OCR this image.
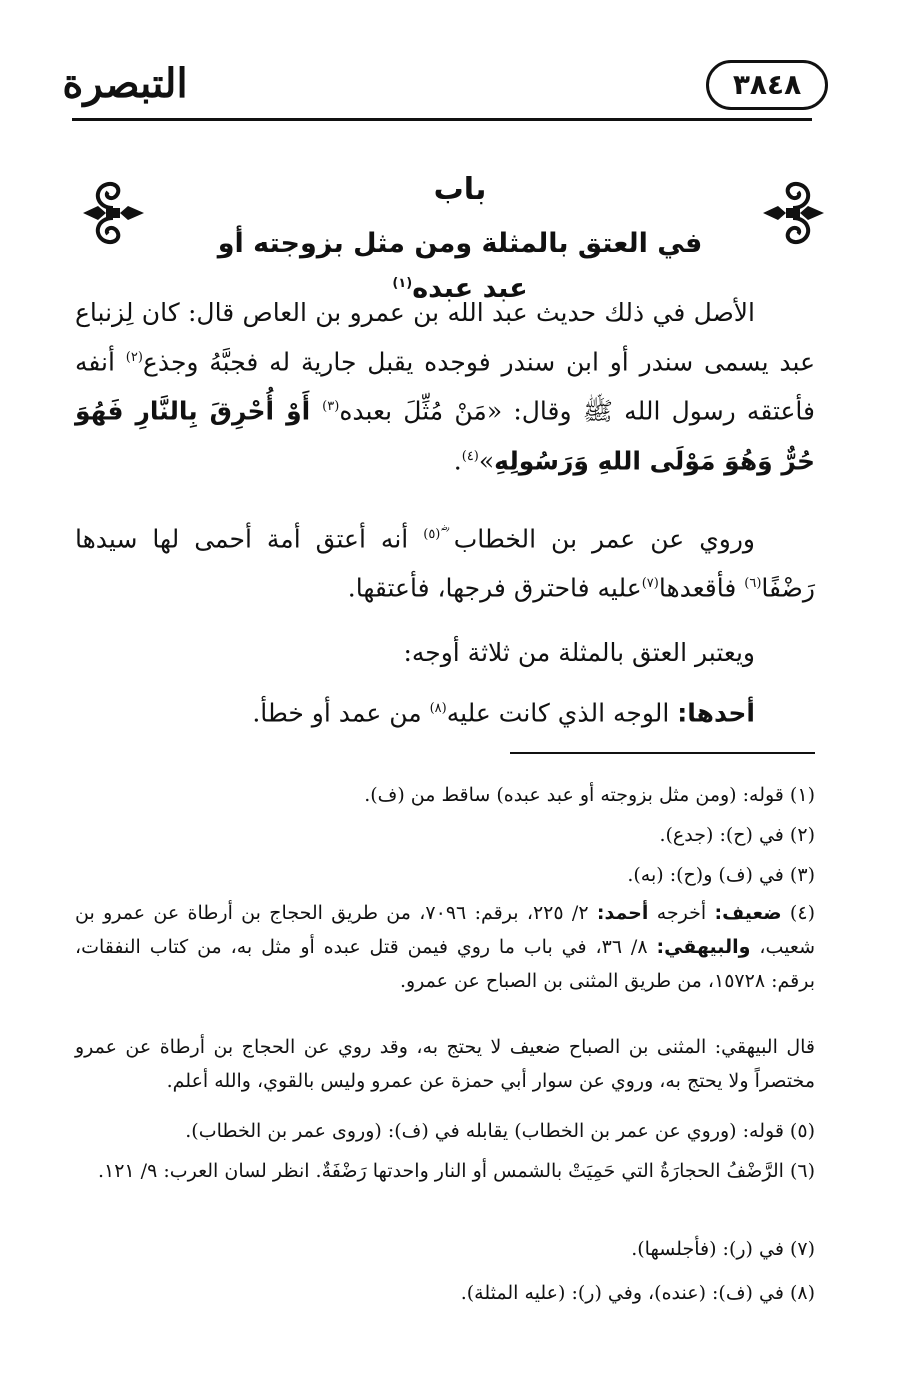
التبصرة	٣٨٤٨
باب
في العتق بالمثلة ومن مثل بزوجته أو عبد عبده$^{(١)}$
الأصل في ذلك حديث عبد الله بن عمرو بن العاص قال: كان لِزنباع عبد يسمى سندر أو ابن سندر فوجده يقبل جارية له فجبَّهُ وجذع$^{(٢)}$ أنفه فأعتقه رسول الله ﷺ وقال: «مَنْ مُثِّلَ بعبده$^{(٣)}$ أَوْ أُحْرِقَ بِالنَّارِ فَهُوَ حُرٌّ وَهُوَ مَوْلَى اللهِ وَرَسُولِهِ»$^{(٤)}$.
وروي عن عمر بن الخطاب ؓ$^{(٥)}$ أنه أعتق أمة أحمى لها سيدها رَضْفًا$^{(٦)}$ فأقعدها$^{(٧)}$عليه فاحترق فرجها، فأعتقها.
ويعتبر العتق بالمثلة من ثلاثة أوجه:
أحدها: الوجه الذي كانت عليه$^{(٨)}$ من عمد أو خطأ.
(١) قوله: (ومن مثل بزوجته أو عبد عبده) ساقط من (ف).
(٢) في (ح): (جدع).
(٣) في (ف) و(ح): (به).
(٤) ضعيف: أخرجه أحمد: ٢/ ٢٢٥، برقم: ٧٠٩٦، من طريق الحجاج بن أرطاة عن عمرو بن شعيب، والبيهقي: ٨/ ٣٦، في باب ما روي فيمن قتل عبده أو مثل به، من كتاب النفقات، برقم: ١٥٧٢٨، من طريق المثنى بن الصباح عن عمرو.
قال البيهقي: المثنى بن الصباح ضعيف لا يحتج به، وقد روي عن الحجاج بن أرطاة عن عمرو مختصراً ولا يحتج به، وروي عن سوار أبي حمزة عن عمرو وليس بالقوي، والله أعلم.
(٥) قوله: (وروي عن عمر بن الخطاب) يقابله في (ف): (وروى عمر بن الخطاب).
(٦) الرَّضْفُ الحجارَةُ التي حَمِيَتْ بالشمس أو النار واحدتها رَضْفَةٌ. انظر لسان العرب: ٩/ ١٢١.
(٧) في (ر): (فأجلسها).
(٨) في (ف): (عنده)، وفي (ر): (عليه المثلة).
